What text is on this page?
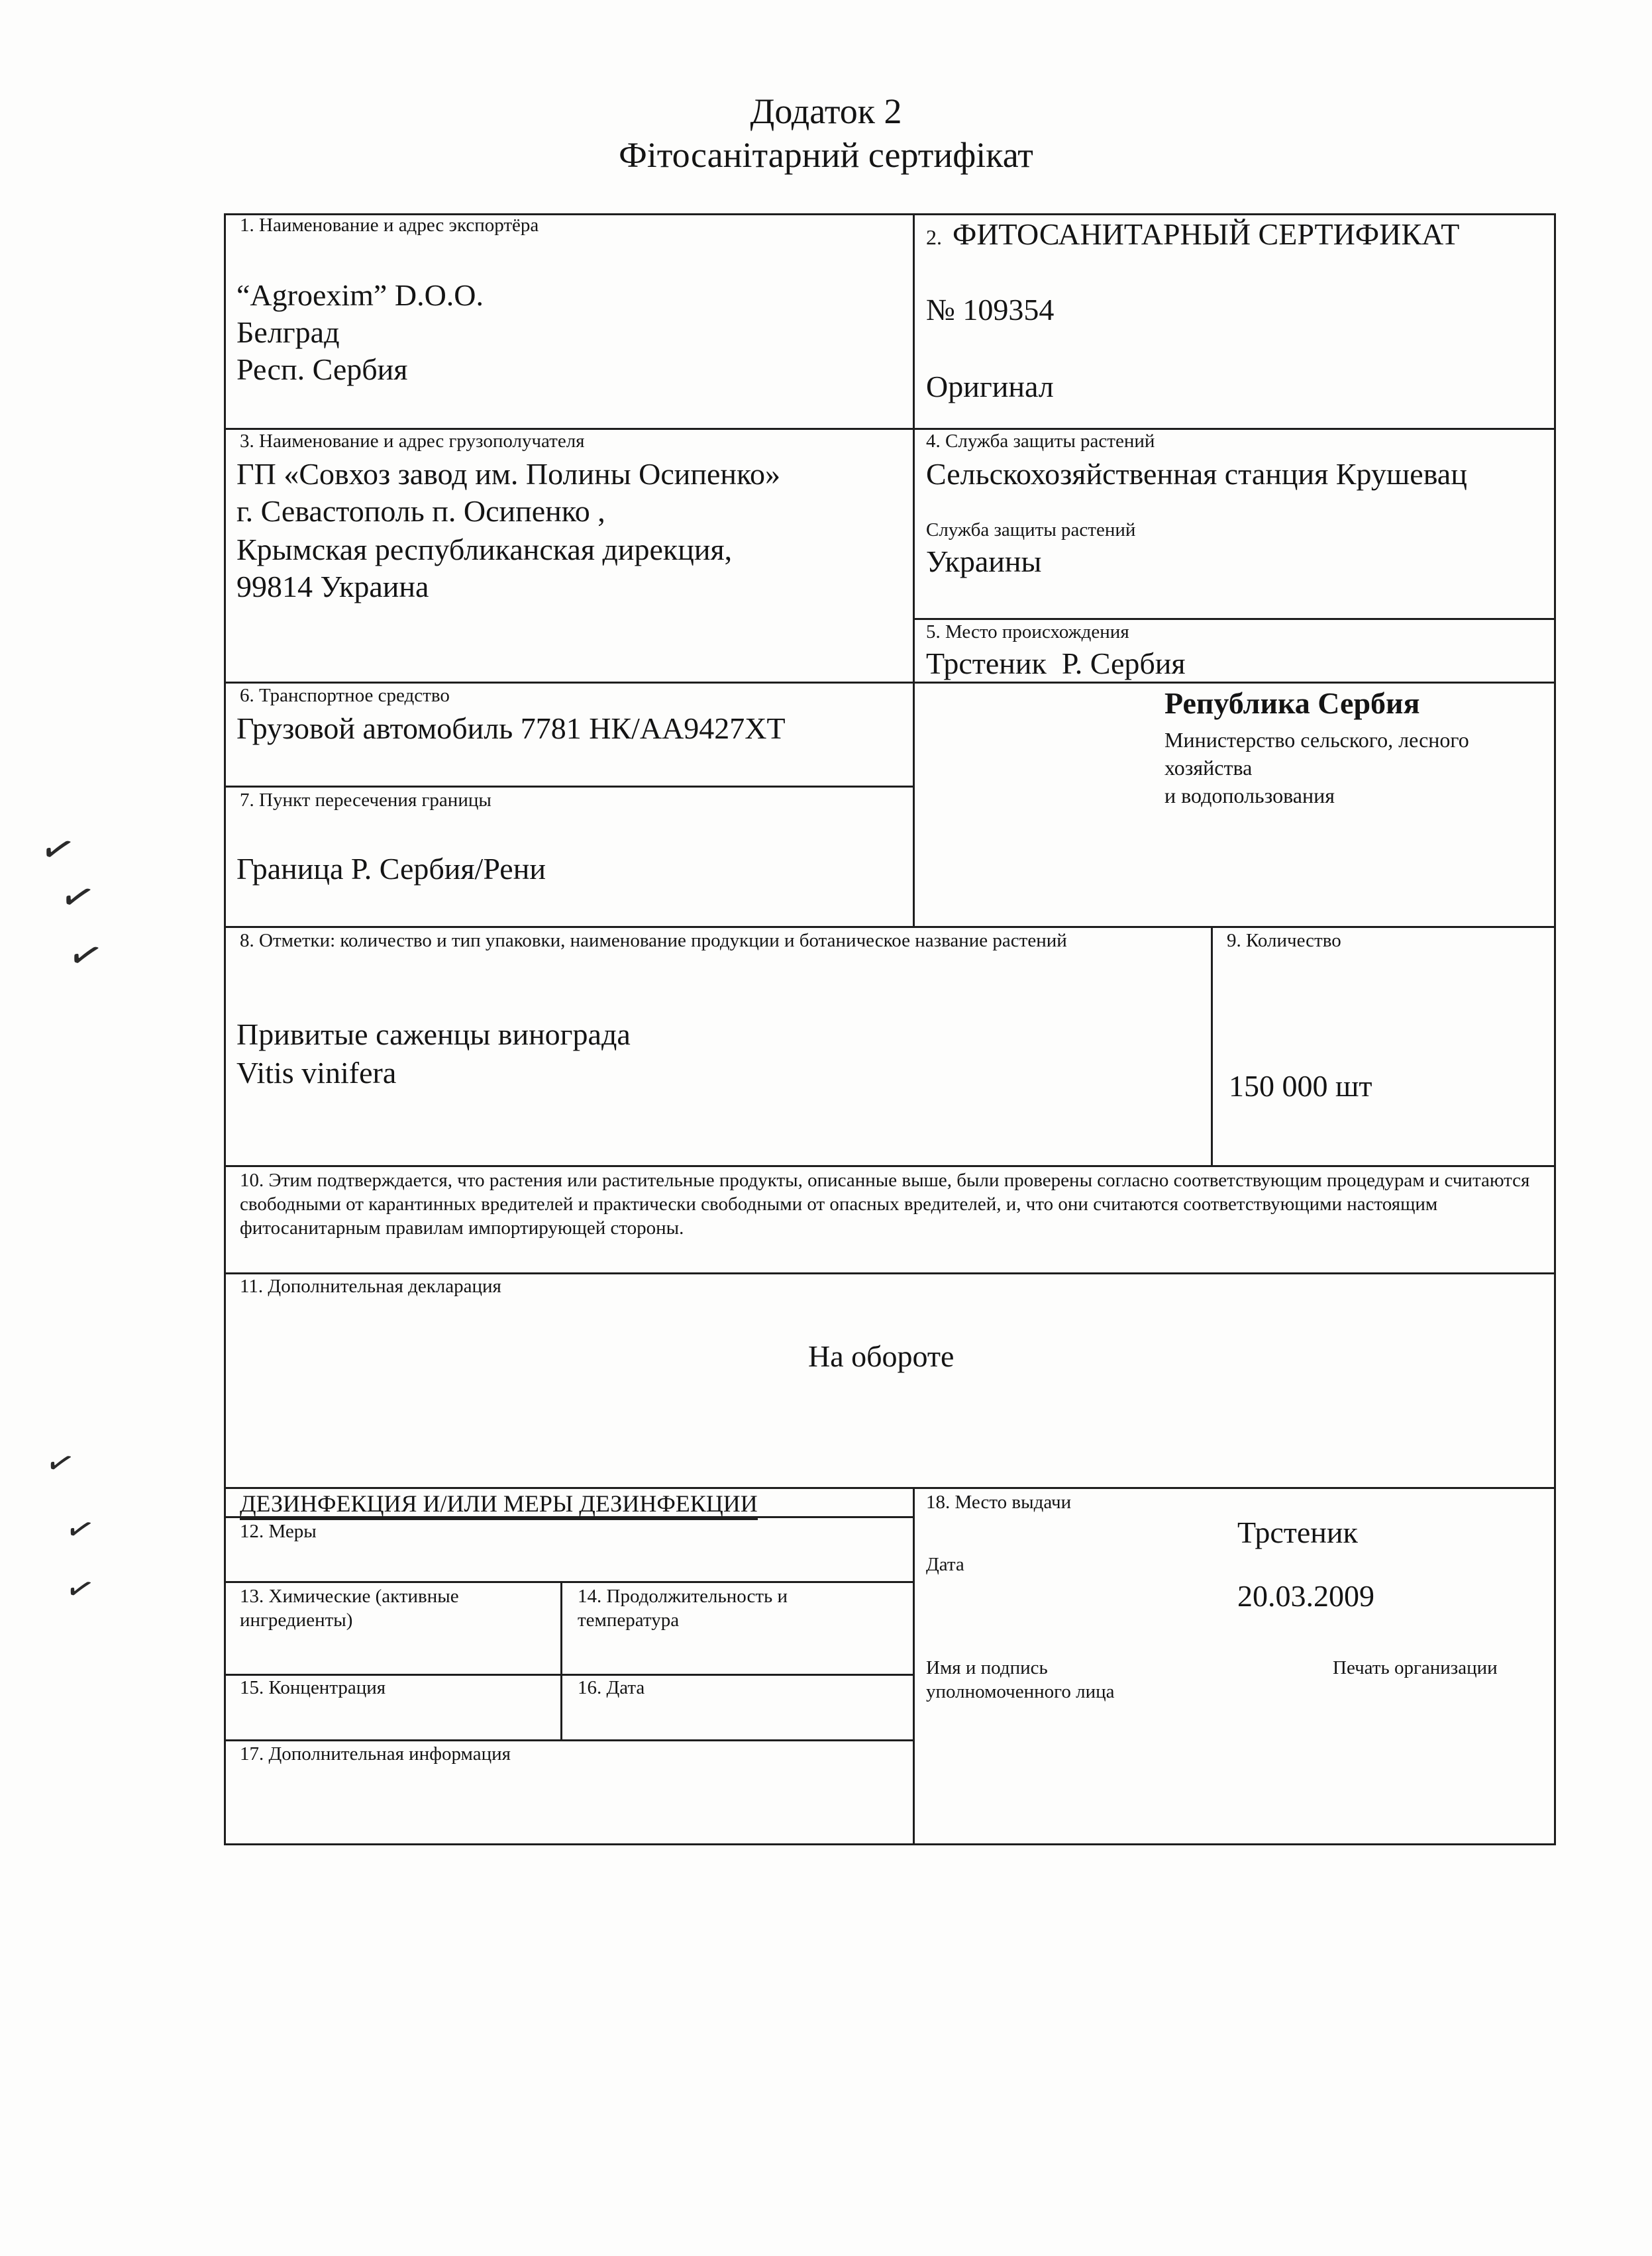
Додаток 2
Фітосанітарний сертифікат
1. Наименование и адрес экспортёра
“Agroexim” D.O.O.
Белград
Респ. Сербия
2. ФИТОСАНИТАРНЫЙ СЕРТИФИКАТ
№ 109354
Оригинал
3. Наименование и адрес грузополучателя
ГП «Совхоз завод им. Полины Осипенко»
г. Севастополь п. Осипенко ,
Крымская республиканская дирекция,
99814 Украина
4. Служба защиты растений
Сельскохозяйственная станция Крушевац
Служба защиты растений
Украины
5. Место происхождения
Трстеник  Р. Сербия
6. Транспортное средство
Грузовой автомобиль 7781 НК/АА9427ХТ
Република Сербия
Министерство сельского, лесного
хозяйства
и водопользования
7. Пункт пересечения границы
Граница Р. Сербия/Рени
8. Отметки: количество и тип упаковки, наименование продукции и ботаническое название растений
Привитые саженцы винограда
Vitis vinifera
9. Количество
150 000 шт
10. Этим подтверждается, что растения или растительные продукты, описанные выше, были проверены согласно соответствующим процедурам и считаются свободными от карантинных вредителей и практически свободными от опасных вредителей, и, что они считаются соответствующими настоящим фитосанитарным правилам импортирующей стороны.
11. Дополнительная декларация
На обороте
ДЕЗИНФЕКЦИЯ И/ИЛИ МЕРЫ ДЕЗИНФЕКЦИИ
12. Меры
13. Химические (активные ингредиенты)
14. Продолжительность и температура
15. Концентрация	16. Дата
17. Дополнительная информация
18. Место выдачи
Трстеник
Дата
20.03.2009
Имя и подпись
уполномоченного лица
Печать организации
✓
✓
✓
✓
✓
✓
